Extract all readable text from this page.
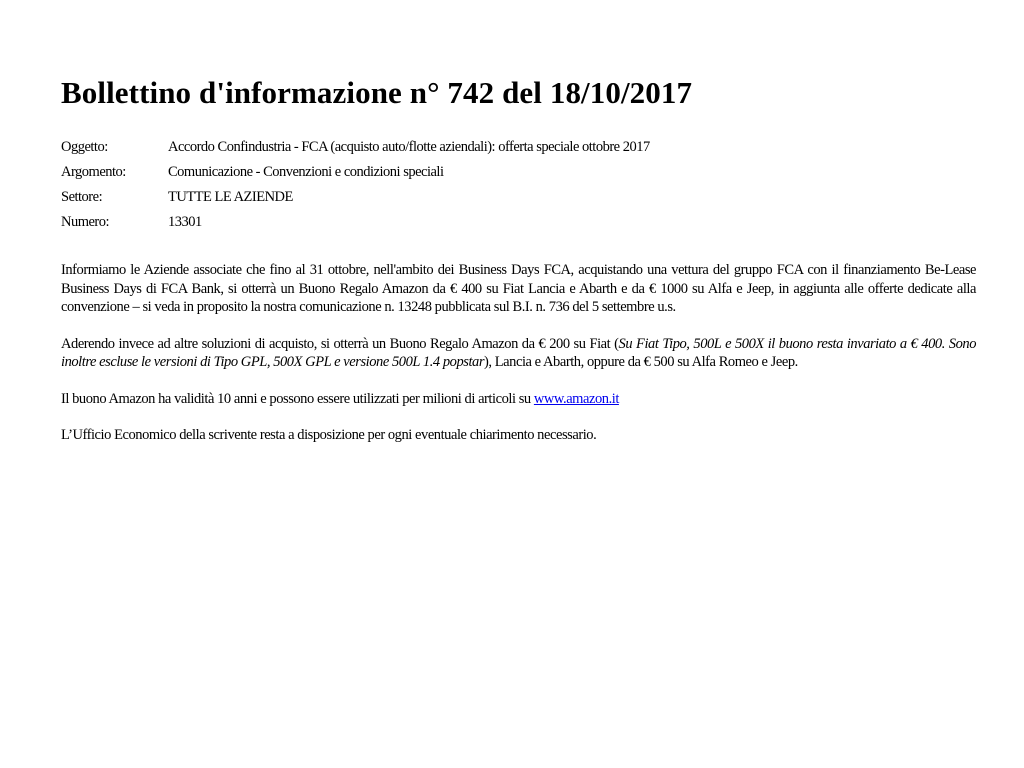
Bollettino d'informazione n° 742 del 18/10/2017
Oggetto:	Accordo Confindustria - FCA (acquisto auto/flotte aziendali): offerta speciale ottobre 2017
Argomento:	Comunicazione - Convenzioni e condizioni speciali
Settore:	TUTTE LE AZIENDE
Numero:	13301

Informiamo le Aziende associate che fino al 31 ottobre, nell'ambito dei Business Days FCA, acquistando una vettura del gruppo FCA con il finanziamento Be-Lease Business Days di FCA Bank, si otterrà un Buono Regalo Amazon da € 400 su Fiat Lancia e Abarth e da € 1000 su Alfa e Jeep, in aggiunta alle offerte dedicate alla convenzione – si veda in proposito la nostra comunicazione n. 13248 pubblicata sul B.I. n. 736 del 5 settembre u.s.

Aderendo invece ad altre soluzioni di acquisto, si otterrà un Buono Regalo Amazon da € 200 su Fiat (Su Fiat Tipo, 500L e 500X il buono resta invariato a € 400. Sono inoltre escluse le versioni di Tipo GPL, 500X GPL e versione 500L 1.4 popstar), Lancia e Abarth, oppure da € 500 su Alfa Romeo e Jeep.

Il buono Amazon ha validità 10 anni e possono essere utilizzati per milioni di articoli su www.amazon.it

L’Ufficio Economico della scrivente resta a disposizione per ogni eventuale chiarimento necessario.
